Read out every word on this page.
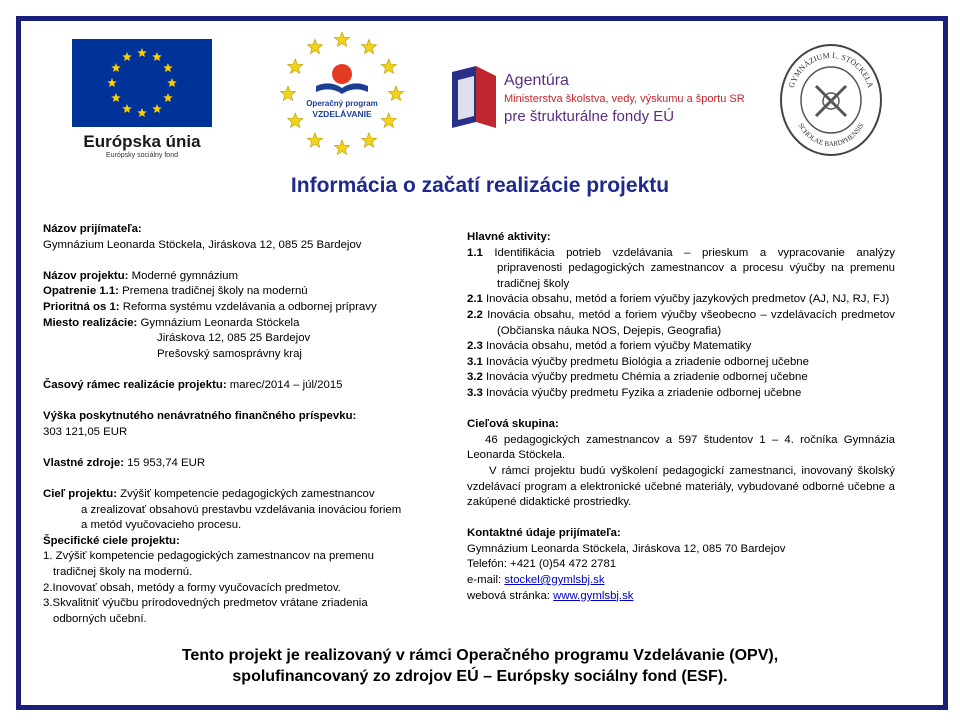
Európska únia
Európsky sociálny fond
Operačný program
VZDELÁVANIE
Agentúra
Ministerstva školstva, vedy, výskumu a športu SR
pre štrukturálne fondy EÚ
GYMNÁZIUM L. STÖCKELA
SCHOLAE BARDPHENSIS
Informácia o začatí realizácie projektu

Názov prijímateľa:

Gymnázium Leonarda Stöckela, Jiráskova 12, 085 25 Bardejov

Názov projektu: Moderné gymnázium

Opatrenie 1.1: Premena tradičnej školy na modernú

Prioritná os 1: Reforma systému vzdelávania a odbornej prípravy

Miesto realizácie: Gymnázium Leonarda Stöckela

Jiráskova 12, 085 25 Bardejov

Prešovský samosprávny kraj

Časový rámec realizácie projektu: marec/2014 – júl/2015

Výška poskytnutého nenávratného finančného príspevku:

303 121,05 EUR

Vlastné zdroje: 15 953,74 EUR

Cieľ projektu: Zvýšiť kompetencie pedagogických zamestnancov

a zrealizovať obsahovú prestavbu vzdelávania inováciou foriem

a metód vyučovacieho procesu.

Špecifické ciele projektu:

1. Zvýšiť kompetencie pedagogických zamestnancov na premenu

tradičnej školy na modernú.

2.Inovovať obsah, metódy a formy vyučovacích predmetov.

3.Skvalitniť výučbu prírodovedných predmetov vrátane zriadenia

odborných učební.

Hlavné aktivity:

1.1 Identifikácia potrieb vzdelávania – prieskum a vypracovanie analýzy pripravenosti pedagogických zamestnancov a procesu výučby na premenu tradičnej školy

2.1 Inovácia obsahu, metód a foriem výučby jazykových predmetov (AJ, NJ, RJ, FJ)

2.2 Inovácia obsahu, metód a foriem výučby všeobecno – vzdelávacích predmetov (Občianska náuka NOS, Dejepis, Geografia)

2.3 Inovácia obsahu, metód a foriem výučby Matematiky

3.1 Inovácia výučby predmetu Biológia a zriadenie odbornej učebne

3.2 Inovácia výučby predmetu Chémia a zriadenie odbornej učebne

3.3 Inovácia výučby predmetu Fyzika a zriadenie odbornej učebne

Cieľová skupina:

46 pedagogických zamestnancov a 597 študentov 1 – 4. ročníka Gymnázia Leonarda Stöckela.

V rámci projektu budú vyškolení pedagogickí zamestnanci, inovovaný školský vzdelávací program a elektronické učebné materiály, vybudované odborné učebne a zakúpené didaktické prostriedky.

Kontaktné údaje prijímateľa:

Gymnázium Leonarda Stöckela, Jiráskova 12, 085 70 Bardejov

Telefón: +421 (0)54 472 2781

e-mail: stockel@gymlsbj.sk

webová stránka: www.gymlsbj.sk

Tento projekt je realizovaný v rámci Operačného programu Vzdelávanie (OPV),
spolufinancovaný zo zdrojov EÚ – Európsky sociálny fond (ESF).
